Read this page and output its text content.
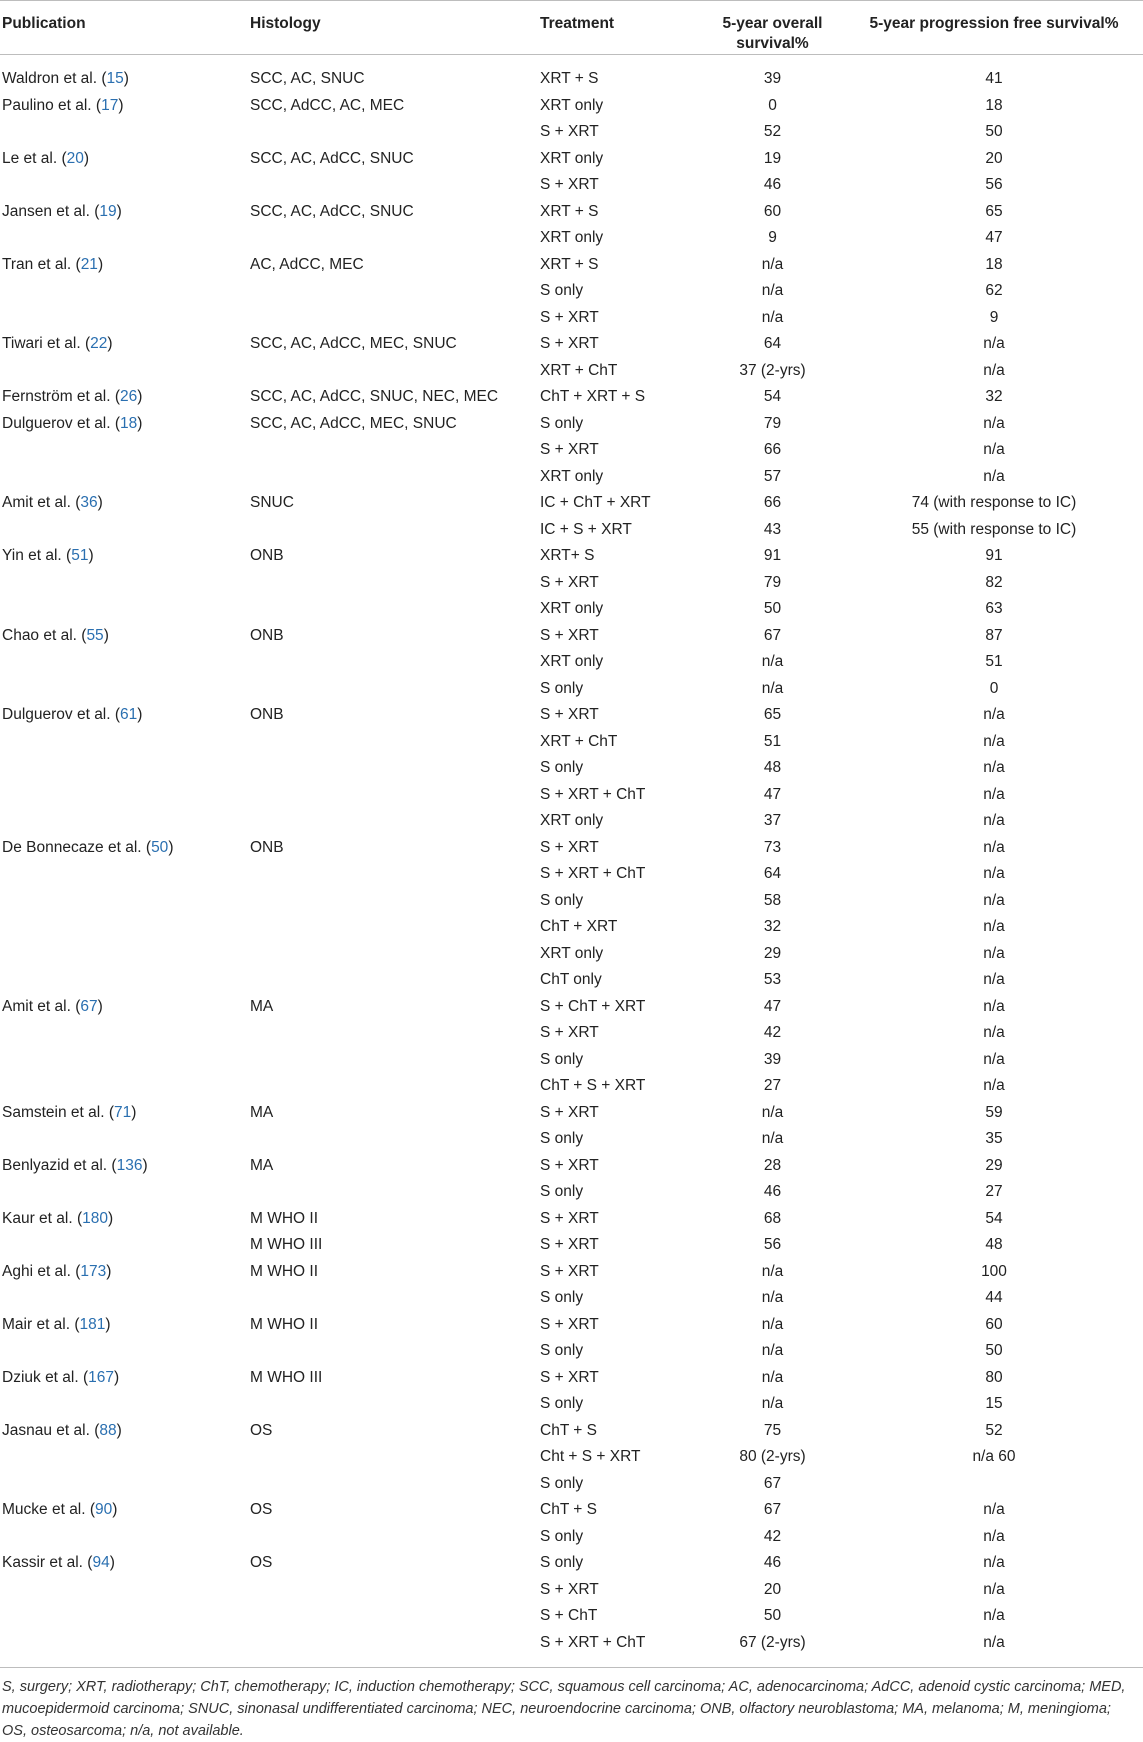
Publication	Histology	Treatment	5-year overall survival%	5-year progression free survival%
Waldron et al. (15)	SCC, AC, SNUC	XRT + S	39	41
Paulino et al. (17)	SCC, AdCC, AC, MEC	XRT only	0	18
		S + XRT	52	50
Le et al. (20)	SCC, AC, AdCC, SNUC	XRT only	19	20
		S + XRT	46	56
Jansen et al. (19)	SCC, AC, AdCC, SNUC	XRT + S	60	65
		XRT only	9	47
Tran et al. (21)	AC, AdCC, MEC	XRT + S	n/a	18
		S only	n/a	62
		S + XRT	n/a	9
Tiwari et al. (22)	SCC, AC, AdCC, MEC, SNUC	S + XRT	64	n/a
		XRT + ChT	37 (2-yrs)	n/a
Fernström et al. (26)	SCC, AC, AdCC, SNUC, NEC, MEC	ChT + XRT + S	54	32
Dulguerov et al. (18)	SCC, AC, AdCC, MEC, SNUC	S only	79	n/a
		S + XRT	66	n/a
		XRT only	57	n/a
Amit et al. (36)	SNUC	IC + ChT + XRT	66	74 (with response to IC)
		IC + S + XRT	43	55 (with response to IC)
Yin et al. (51)	ONB	XRT+ S	91	91
		S + XRT	79	82
		XRT only	50	63
Chao et al. (55)	ONB	S + XRT	67	87
		XRT only	n/a	51
		S only	n/a	0
Dulguerov et al. (61)	ONB	S + XRT	65	n/a
		XRT + ChT	51	n/a
		S only	48	n/a
		S + XRT + ChT	47	n/a
		XRT only	37	n/a
De Bonnecaze et al. (50)	ONB	S + XRT	73	n/a
		S + XRT + ChT	64	n/a
		S only	58	n/a
		ChT + XRT	32	n/a
		XRT only	29	n/a
		ChT only	53	n/a
Amit et al. (67)	MA	S + ChT + XRT	47	n/a
		S + XRT	42	n/a
		S only	39	n/a
		ChT + S + XRT	27	n/a
Samstein et al. (71)	MA	S + XRT	n/a	59
		S only	n/a	35
Benlyazid et al. (136)	MA	S + XRT	28	29
		S only	46	27
Kaur et al. (180)	M WHO II	S + XRT	68	54
	M WHO III	S + XRT	56	48
Aghi et al. (173)	M WHO II	S + XRT	n/a	100
		S only	n/a	44
Mair et al. (181)	M WHO II	S + XRT	n/a	60
		S only	n/a	50
Dziuk et al. (167)	M WHO III	S + XRT	n/a	80
		S only	n/a	15
Jasnau et al. (88)	OS	ChT + S	75	52
		Cht + S + XRT	80 (2-yrs)	n/a 60
		S only	67	
Mucke et al. (90)	OS	ChT + S	67	n/a
		S only	42	n/a
Kassir et al. (94)	OS	S only	46	n/a
		S + XRT	20	n/a
		S + ChT	50	n/a
		S + XRT + ChT	67 (2-yrs)	n/a
S, surgery; XRT, radiotherapy; ChT, chemotherapy; IC, induction chemotherapy; SCC, squamous cell carcinoma; AC, adenocarcinoma; AdCC, adenoid cystic carcinoma; MED, mucoepidermoid carcinoma; SNUC, sinonasal undifferentiated carcinoma; NEC, neuroendocrine carcinoma; ONB, olfactory neuroblastoma; MA, melanoma; M, meningioma; OS, osteosarcoma; n/a, not available.
